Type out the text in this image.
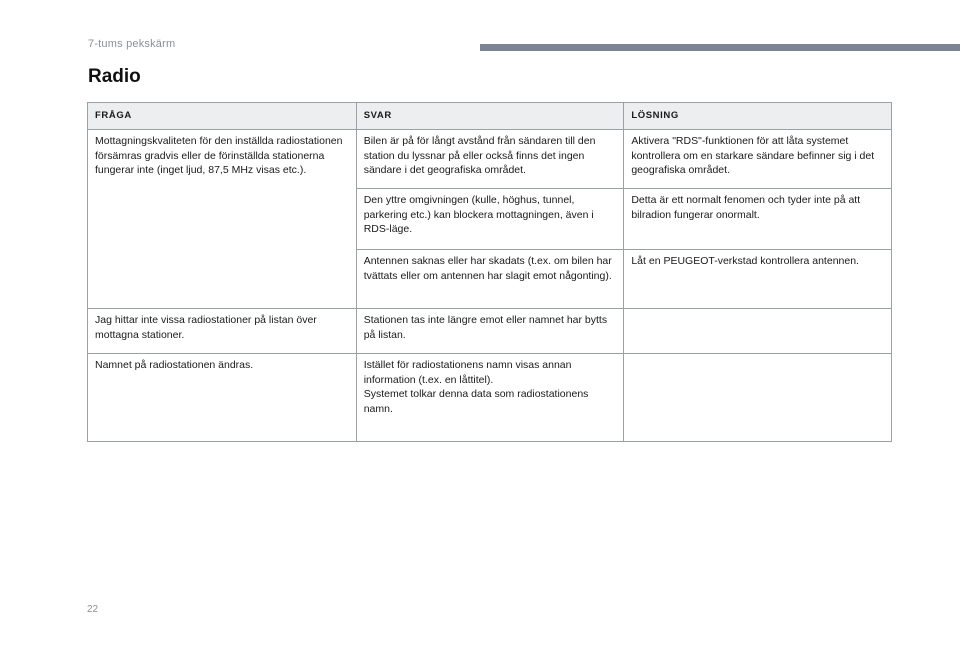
7-tums pekskärm
Radio
FRÅGA	SVAR	LÖSNING
Mottagningskvaliteten för den inställda radiostationen försämras gradvis eller de förinställda stationerna fungerar inte (inget ljud, 87,5 MHz visas etc.).	Bilen är på för långt avstånd från sändaren till den station du lyssnar på eller också finns det ingen sändare i det geografiska området.	Aktivera "RDS"-funktionen för att låta systemet kontrollera om en starkare sändare befinner sig i det geografiska området.
	Den yttre omgivningen (kulle, höghus, tunnel, parkering etc.) kan blockera mottagningen, även i RDS-läge.	Detta är ett normalt fenomen och tyder inte på att bilradion fungerar onormalt.
	Antennen saknas eller har skadats (t.ex. om bilen har tvättats eller om antennen har slagit emot någonting).	Låt en PEUGEOT-verkstad kontrollera antennen.
Jag hittar inte vissa radiostationer på listan över mottagna stationer.	Stationen tas inte längre emot eller namnet har bytts på listan.	
Namnet på radiostationen ändras.	Istället för radiostationens namn visas annan information (t.ex. en låttitel).
Systemet tolkar denna data som radiostationens namn.	

22
